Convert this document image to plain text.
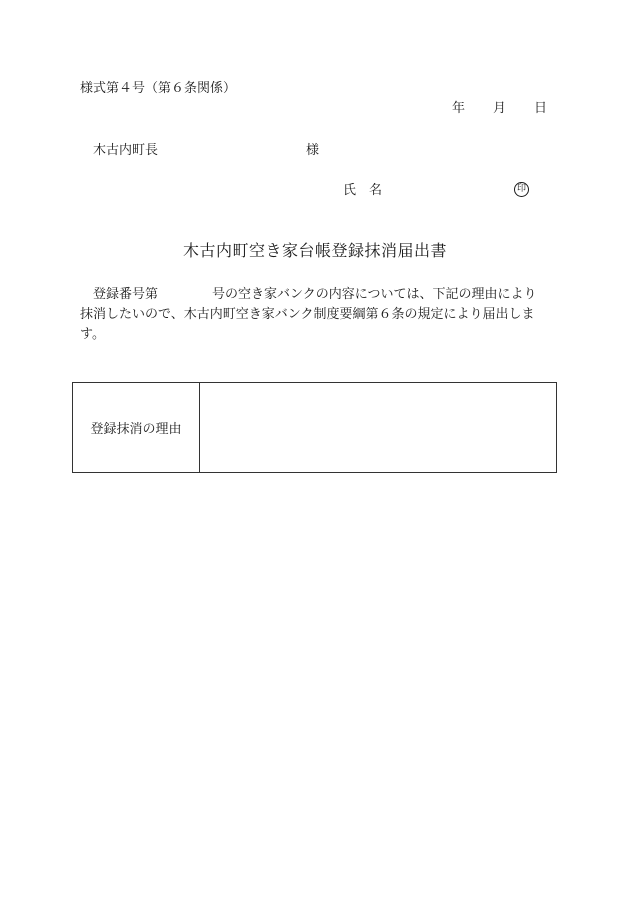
様式第４号（第６条関係）
年 月 日
木古内町長	様
氏 名	印
木古内町空き家台帳登録抹消届出書
登録番号第	号の空き家バンクの内容については、下記の理由により
抹消したいので、木古内町空き家バンク制度要綱第６条の規定により届出しま
す。
登録抹消の理由
